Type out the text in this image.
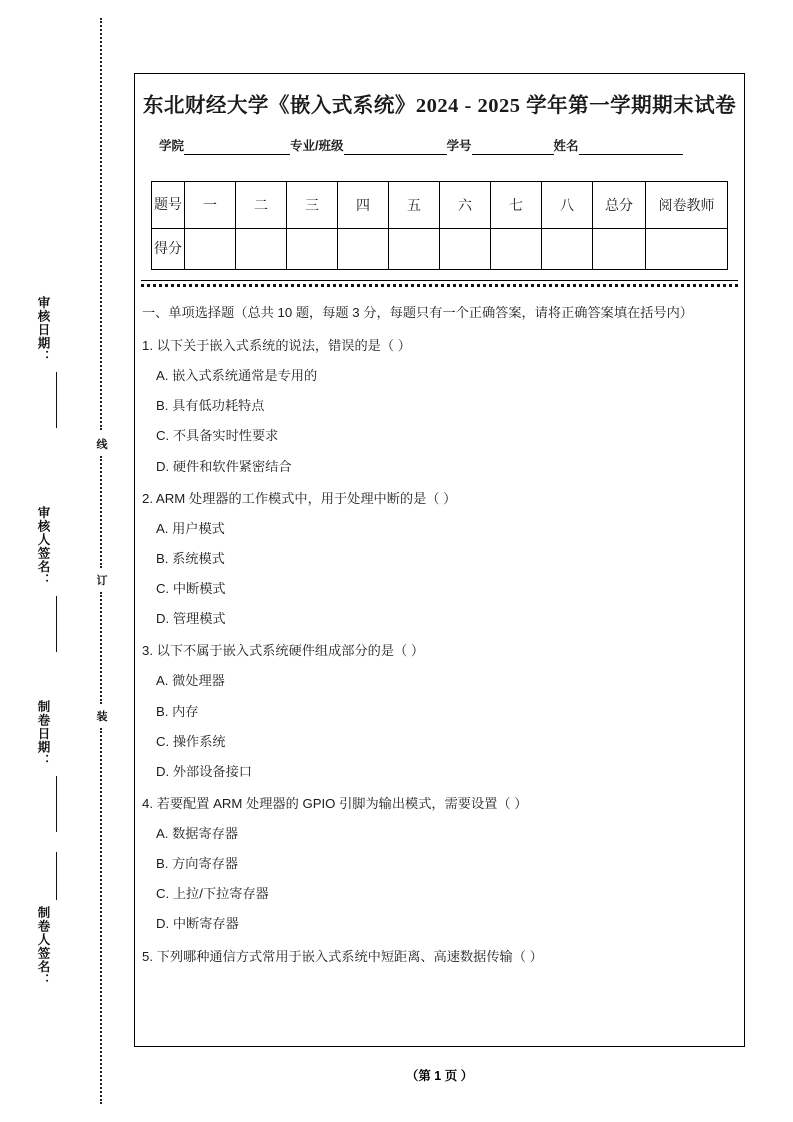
审核日期：
审核人签名：
制卷日期：
制卷人签名：
线
订
装
东北财经大学《嵌入式系统》2024 - 2025 学年第一学期期末试卷
学院	专业/班级	学号	姓名
题号	一	二	三	四	五	六	七	八	总分	阅卷教师
得分										
一、单项选择题（总共 10 题，每题 3 分，每题只有一个正确答案，请将正确答案填在括号内）
1. 以下关于嵌入式系统的说法，错误的是（ ）
A. 嵌入式系统通常是专用的
B. 具有低功耗特点
C. 不具备实时性要求
D. 硬件和软件紧密结合
2. ARM 处理器的工作模式中，用于处理中断的是（ ）
A. 用户模式
B. 系统模式
C. 中断模式
D. 管理模式
3. 以下不属于嵌入式系统硬件组成部分的是（ ）
A. 微处理器
B. 内存
C. 操作系统
D. 外部设备接口
4. 若要配置 ARM 处理器的 GPIO 引脚为输出模式，需要设置（ ）
A. 数据寄存器
B. 方向寄存器
C. 上拉/下拉寄存器
D. 中断寄存器
5. 下列哪种通信方式常用于嵌入式系统中短距离、高速数据传输（ ）
（第 1 页 ）
